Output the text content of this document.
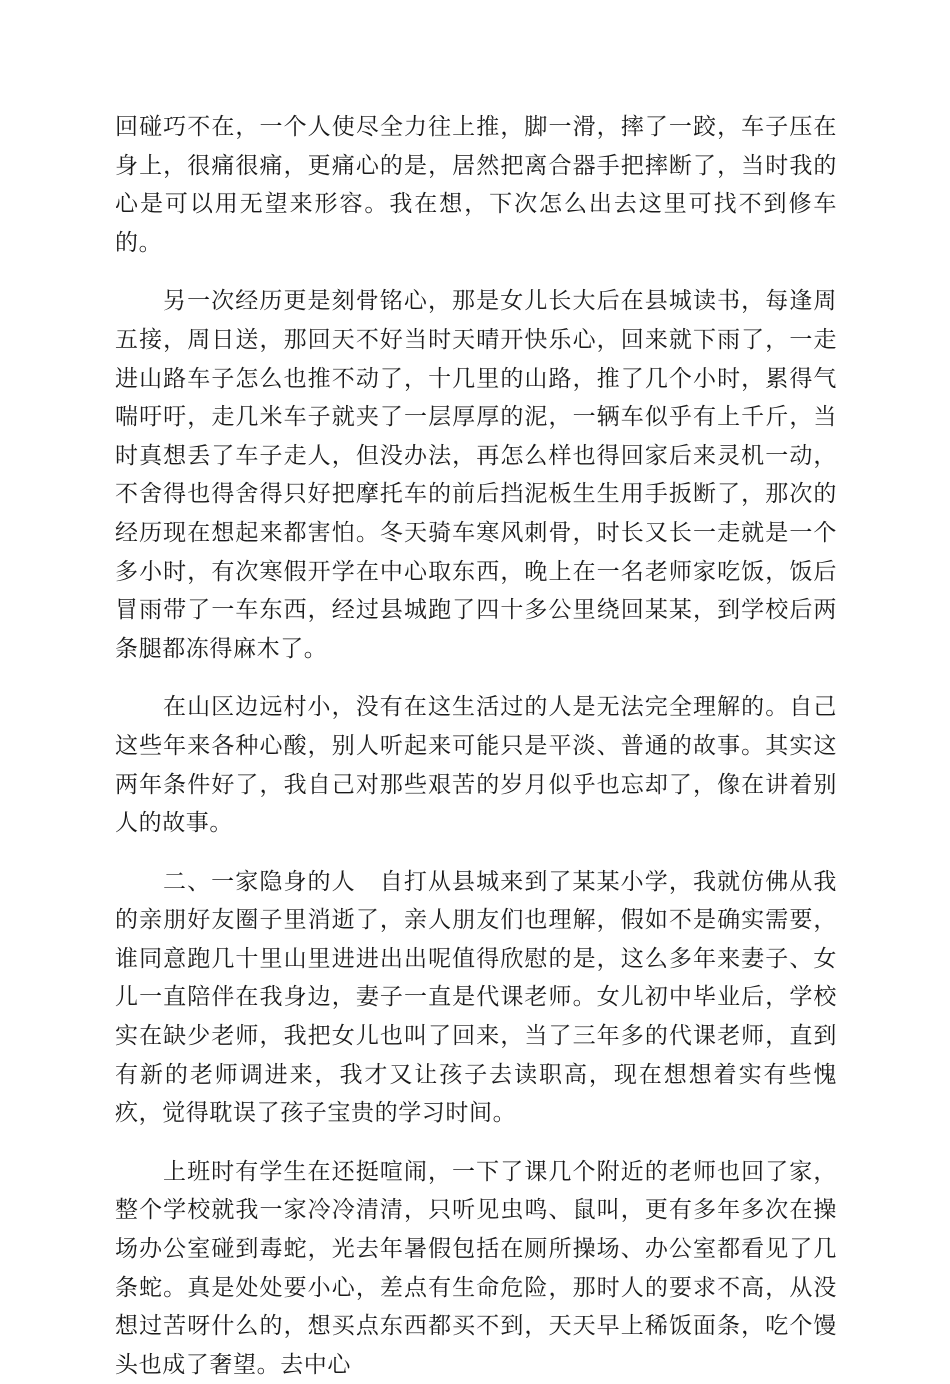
回碰巧不在，一个人使尽全力往上推，脚一滑，摔了一跤，车子压在身上，很痛很痛，更痛心的是，居然把离合器手把摔断了，当时我的心是可以用无望来形容。我在想，下次怎么出去这里可找不到修车的。

另一次经历更是刻骨铭心，那是女儿长大后在县城读书，每逢周五接，周日送，那回天不好当时天晴开快乐心，回来就下雨了，一走进山路车子怎么也推不动了，十几里的山路，推了几个小时，累得气喘吁吁，走几米车子就夹了一层厚厚的泥，一辆车似乎有上千斤，当时真想丢了车子走人，但没办法，再怎么样也得回家后来灵机一动，不舍得也得舍得只好把摩托车的前后挡泥板生生用手扳断了，那次的经历现在想起来都害怕。冬天骑车寒风刺骨，时长又长一走就是一个多小时，有次寒假开学在中心取东西，晚上在一名老师家吃饭，饭后冒雨带了一车东西，经过县城跑了四十多公里绕回某某，到学校后两条腿都冻得麻木了。

在山区边远村小，没有在这生活过的人是无法完全理解的。自己这些年来各种心酸，别人听起来可能只是平淡、普通的故事。其实这两年条件好了，我自己对那些艰苦的岁月似乎也忘却了，像在讲着别人的故事。

二、一家隐身的人　自打从县城来到了某某小学，我就仿佛从我的亲朋好友圈子里消逝了，亲人朋友们也理解，假如不是确实需要，谁同意跑几十里山里进进出出呢值得欣慰的是，这么多年来妻子、女儿一直陪伴在我身边，妻子一直是代课老师。女儿初中毕业后，学校实在缺少老师，我把女儿也叫了回来，当了三年多的代课老师，直到有新的老师调进来，我才又让孩子去读职高，现在想想着实有些愧疚，觉得耽误了孩子宝贵的学习时间。

上班时有学生在还挺喧闹，一下了课几个附近的老师也回了家，整个学校就我一家冷冷清清，只听见虫鸣、鼠叫，更有多年多次在操场办公室碰到毒蛇，光去年暑假包括在厕所操场、办公室都看见了几条蛇。真是处处要小心，差点有生命危险，那时人的要求不高，从没想过苦呀什么的，想买点东西都买不到，天天早上稀饭面条，吃个馒头也成了奢望。去中心
